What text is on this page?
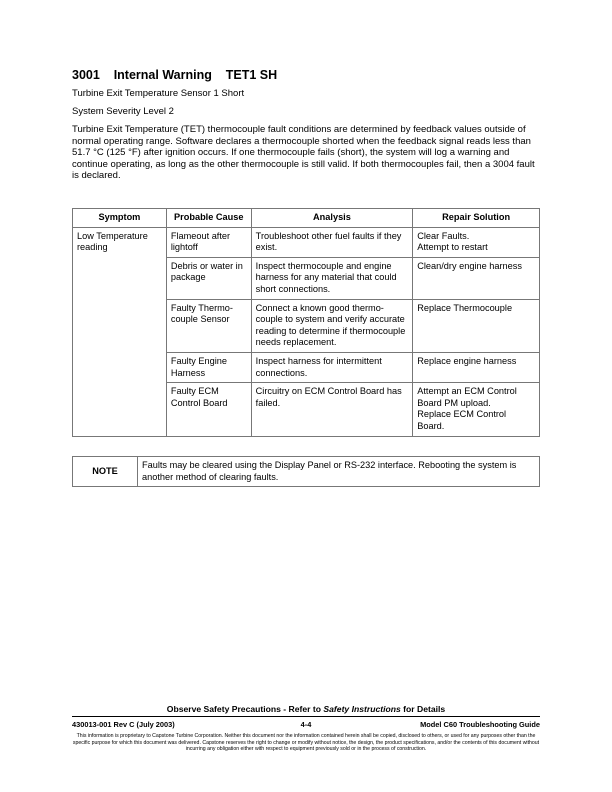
3001    Internal Warning    TET1 SH
Turbine Exit Temperature Sensor 1 Short
System Severity Level 2
Turbine Exit Temperature (TET) thermocouple fault conditions are determined by feedback values outside of normal operating range. Software declares a thermocouple shorted when the feedback signal reads less than 51.7 °C (125 °F) after ignition occurs. If one thermocouple fails (short), the system will log a warning and continue operating, as long as the other thermocouple is still valid. If both thermocouples fail, then a 3004 fault is declared.
Symptom	Probable Cause	Analysis	Repair Solution
Low Temperature reading	Flameout after lightoff	Troubleshoot other fuel faults if they exist.	Clear Faults.
Attempt to restart

	Debris or water in package	Inspect thermocouple and engine harness for any material that could short connections.	Clean/dry engine harness

	Faulty Thermo-couple Sensor	Connect a known good thermo-couple to system and verify accurate reading to determine if thermocouple needs replacement.	Replace Thermocouple

	Faulty Engine Harness	Inspect harness for intermittent connections.	Replace engine harness

	Faulty ECM Control Board	Circuitry on ECM Control Board has failed.	Attempt an ECM Control Board PM upload.
Replace ECM Control Board.
NOTE	Faults may be cleared using the Display Panel or RS-232 interface. Rebooting the system is another method of clearing faults.
Observe Safety Precautions - Refer to Safety Instructions for Details
430013-001 Rev C (July 2003)	4-4	Model C60 Troubleshooting Guide
This information is proprietary to Capstone Turbine Corporation. Neither this document nor the information contained herein shall be copied, disclosed to others, or used for any purposes other than the specific purpose for which this document was delivered. Capstone reserves the right to change or modify without notice, the design, the product specifications, and/or the contents of this document without incurring any obligation either with respect to equipment previously sold or in the process of construction.
